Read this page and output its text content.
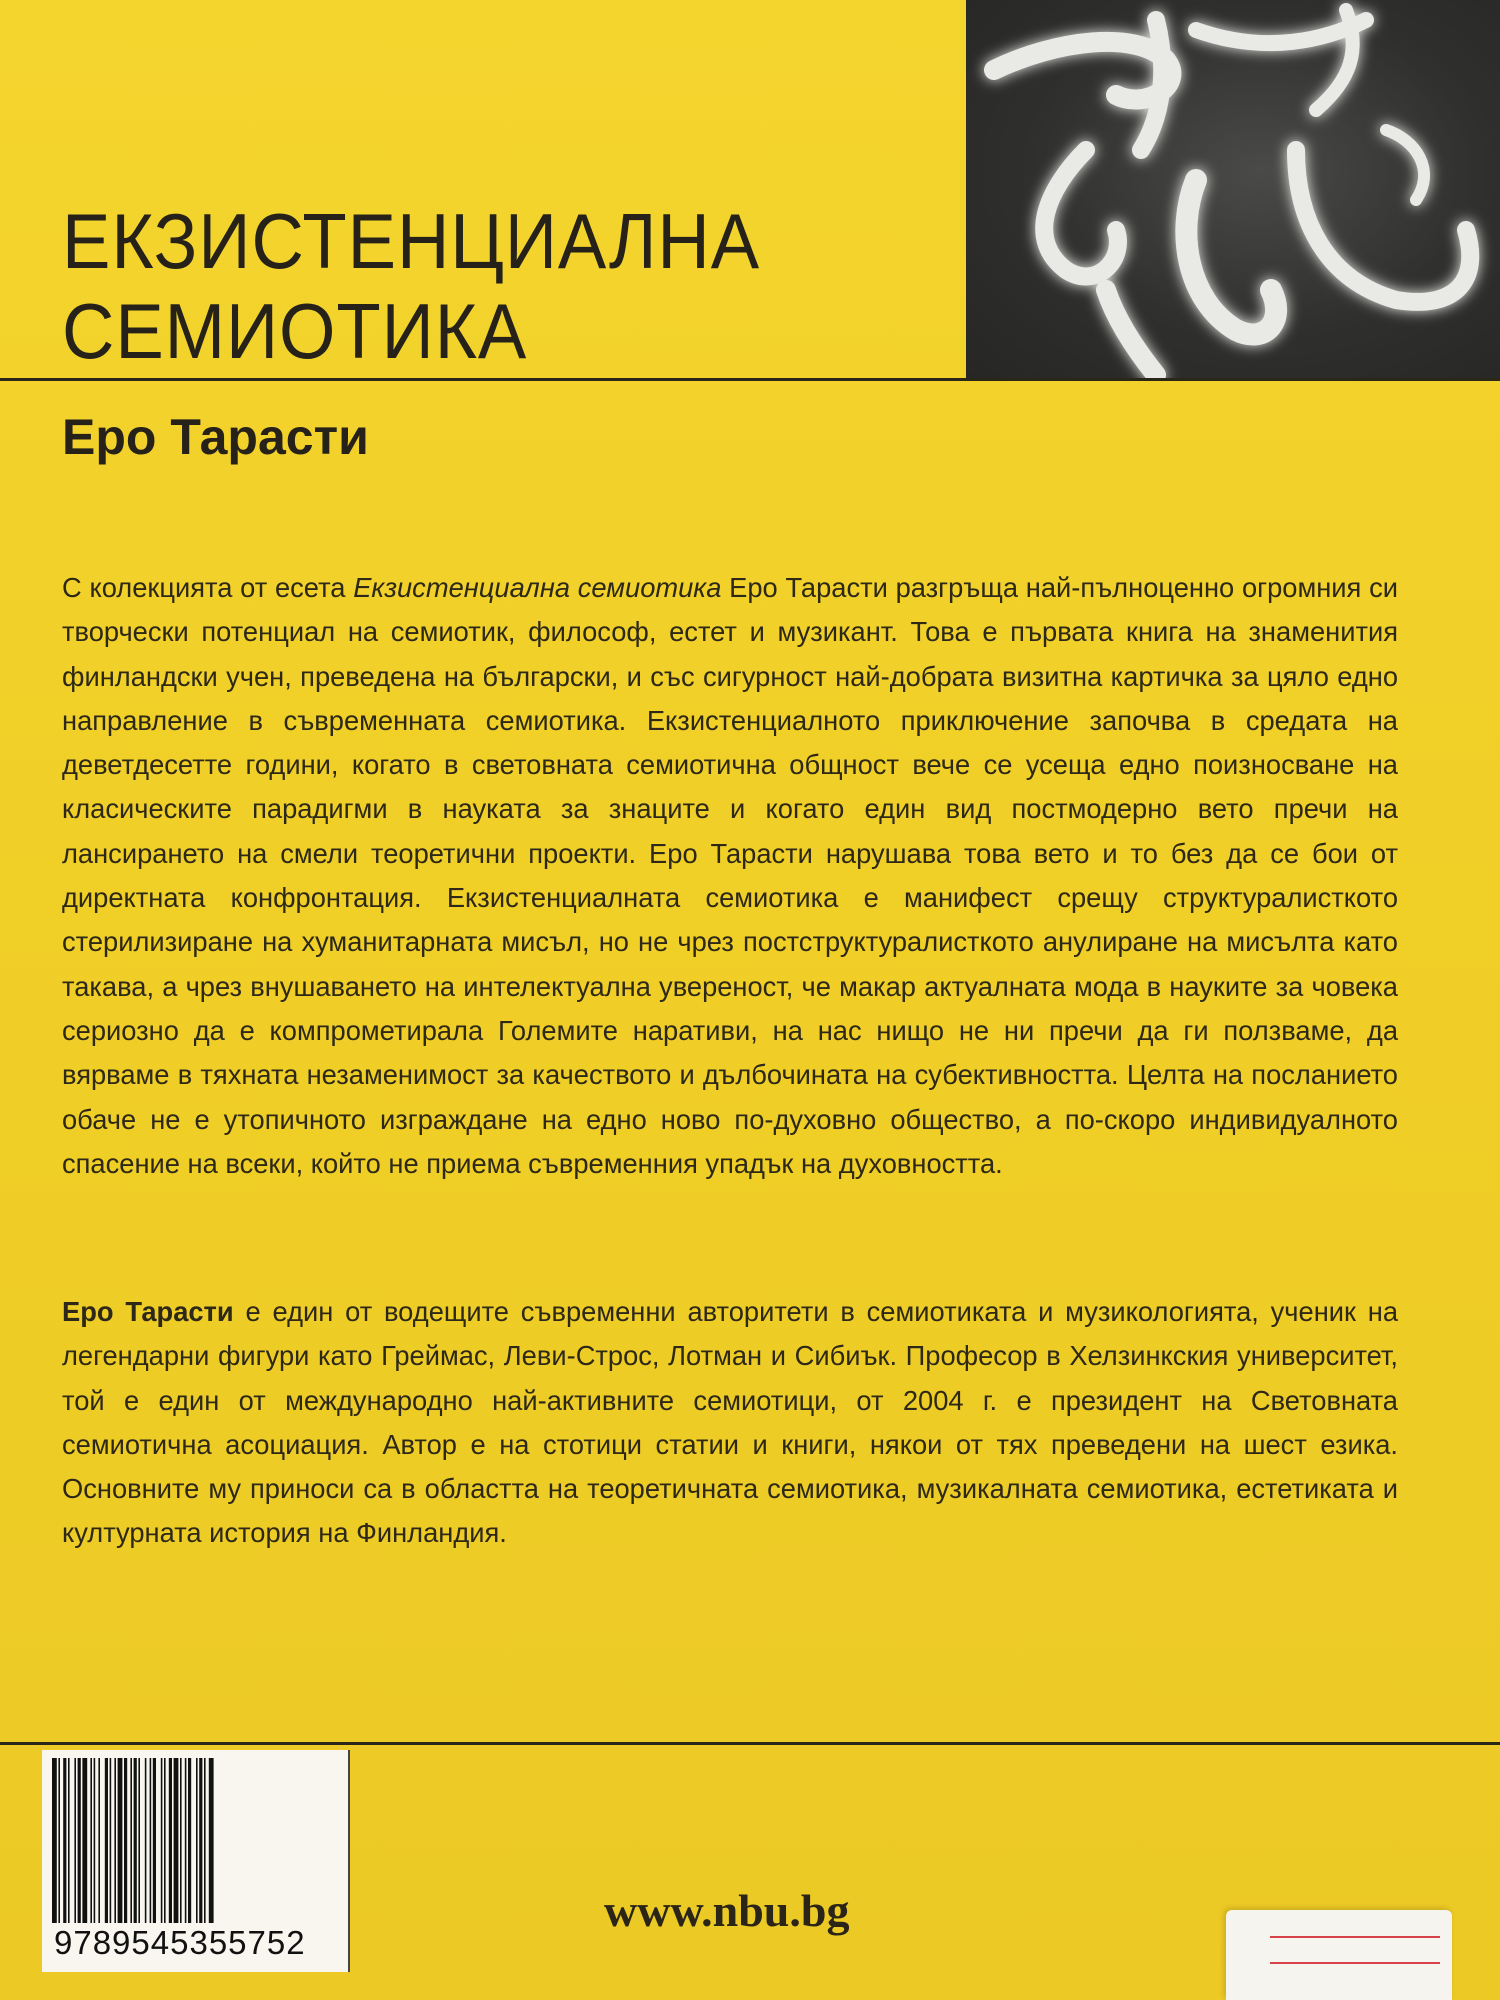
ЕКЗИСТЕНЦИАЛНА
СЕМИОТИКА
Еро Тарасти

С колекцията от есета Екзистенциална семиотика Еро Тарасти разгръща най-пълноценно огромния си творчески потенциал на семиотик, философ, естет и музикант. Това е първата книга на знаменития финландски учен, преведена на български, и със сигурност най-добрата визитна картичка за цяло едно направление в съвременната семиотика. Екзистенциалното приключение започва в средата на деветдесетте години, когато в световната семиотична общност вече се усеща едно поизносване на класическите парадигми в науката за знаците и когато един вид постмодерно вето пречи на лансирането на смели теоретични проекти. Еро Тарасти нарушава това вето и то без да се бои от директната конфронтация. Екзистенциалната семиотика е манифест срещу структуралисткото стерилизиране на хуманитарната мисъл, но не чрез постструктуралисткото анулиране на мисълта като такава, а чрез внушаването на интелектуална увереност, че макар актуалната мода в науките за човека сериозно да е компрометирала Големите наративи, на нас нищо не ни пречи да ги ползваме, да вярваме в тяхната незаменимост за качеството и дълбочината на субективността. Целта на посланието обаче не е утопичното изграждане на едно ново по-духовно общество, а по-скоро индивидуалното спасение на всеки, който не приема съвременния упадък на духовността.

Еро Тарасти е един от водещите съвременни авторитети в семиотиката и музикологията, ученик на легендарни фигури като Греймас, Леви-Строс, Лотман и Сибиък. Професор в Хелзинкския университет, той е един от международно най-активните семиотици, от 2004 г. е президент на Световната семиотична асоциация. Автор е на стотици статии и книги, някои от тях преведени на шест езика. Основните му приноси са в областта на теоретичната семиотика, музикалната семиотика, естетиката и културната история на Финландия.

9789545355752
www.nbu.bg
